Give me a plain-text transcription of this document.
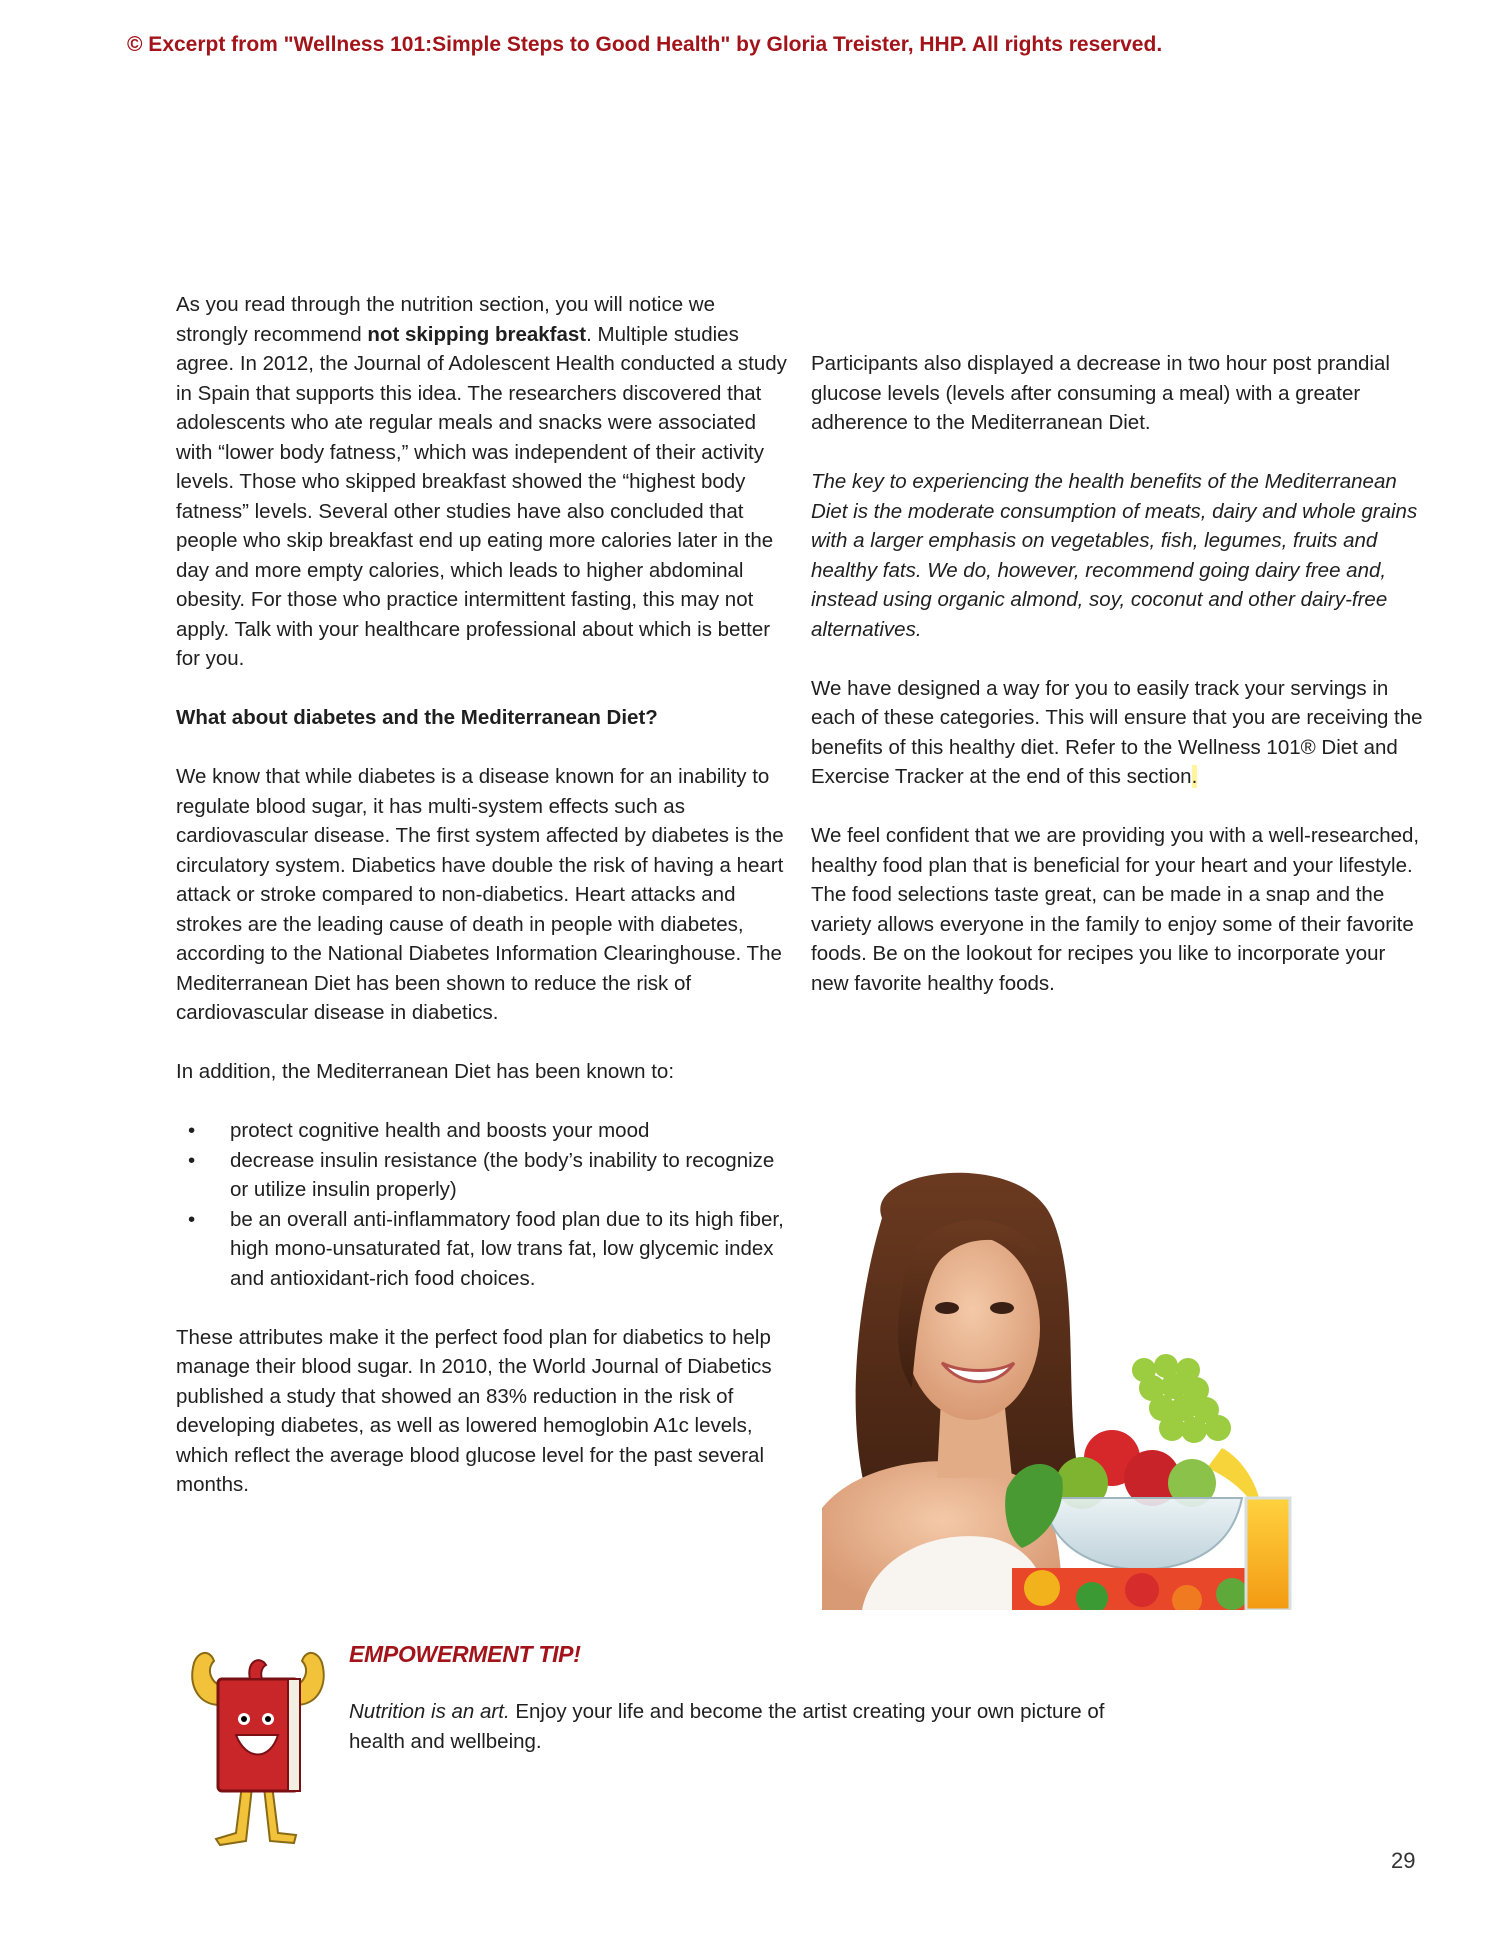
© Excerpt from "Wellness 101:Simple Steps to Good Health" by Gloria Treister, HHP. All rights reserved.

As you read through the nutrition section, you will notice we strongly recommend not skipping breakfast. Multiple studies agree. In 2012, the Journal of Adolescent Health conducted a study in Spain that supports this idea. The researchers discovered that adolescents who ate regular meals and snacks were associated with “lower body fatness,” which was independent of their activity levels. Those who skipped breakfast showed the “highest body fatness” levels. Several other studies have also concluded that people who skip breakfast end up eating more calories later in the day and more empty calories, which leads to higher abdominal obesity. For those who practice intermittent fasting, this may not apply. Talk with your healthcare professional about which is better for you.

What about diabetes and the Mediterranean Diet?

We know that while diabetes is a disease known for an inability to regulate blood sugar, it has multi-system effects such as cardiovascular disease. The first system affected by diabetes is the circulatory system. Diabetics have double the risk of having a heart attack or stroke compared to non-diabetics. Heart attacks and strokes are the leading cause of death in people with diabetes, according to the National Diabetes Information Clearinghouse. The Mediterranean Diet has been shown to reduce the risk of cardiovascular disease in diabetics.

In addition, the Mediterranean Diet has been known to:

• protect cognitive health and boosts your mood
• decrease insulin resistance (the body’s inability to recognize or utilize insulin properly)
• be an overall anti-inflammatory food plan due to its high fiber, high mono-unsaturated fat, low trans fat, low glycemic index and antioxidant-rich food choices.

These attributes make it the perfect food plan for diabetics to help manage their blood sugar. In 2010, the World Journal of Diabetics published a study that showed an 83% reduction in the risk of developing diabetes, as well as lowered hemoglobin A1c levels, which reflect the average blood glucose level for the past several months.

Participants also displayed a decrease in two hour post prandial glucose levels (levels after consuming a meal) with a greater adherence to the Mediterranean Diet.

The key to experiencing the health benefits of the Mediterranean Diet is the moderate consumption of meats, dairy and whole grains with a larger emphasis on vegetables, fish, legumes, fruits and healthy fats. We do, however, recommend going dairy free and, instead using organic almond, soy, coconut and other dairy-free alternatives.

We have designed a way for you to easily track your servings in each of these categories. This will ensure that you are receiving the benefits of this healthy diet. Refer to the Wellness 101® Diet and Exercise Tracker at the end of this section.

We feel confident that we are providing you with a well-researched, healthy food plan that is beneficial for your heart and your lifestyle. The food selections taste great, can be made in a snap and the variety allows everyone in the family to enjoy some of their favorite foods. Be on the lookout for recipes you like to incorporate your new favorite healthy foods.

EMPOWERMENT TIP!
Nutrition is an art. Enjoy your life and become the artist creating your own picture of health and wellbeing.
29
